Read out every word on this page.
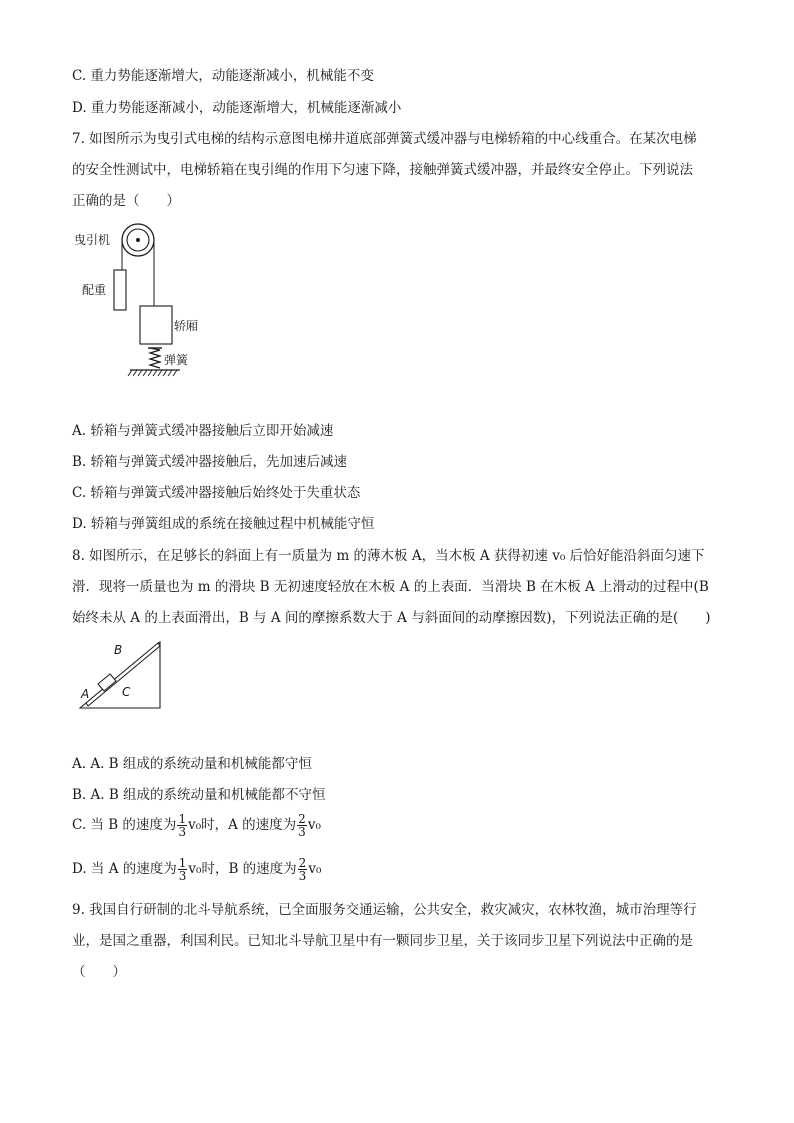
C. 重力势能逐渐增大，动能逐渐减小，机械能不变
D. 重力势能逐渐减小，动能逐渐增大，机械能逐渐减小
7. 如图所示为曳引式电梯的结构示意图电梯井道底部弹簧式缓冲器与电梯轿箱的中心线重合。在某次电梯
的安全性测试中，电梯轿箱在曳引绳的作用下匀速下降，接触弹簧式缓冲器，并最终安全停止。下列说法
正确的是（　　）
曳引机
配重
轿厢
弹簧
A. 轿箱与弹簧式缓冲器接触后立即开始减速
B. 轿箱与弹簧式缓冲器接触后，先加速后减速
C. 轿箱与弹簧式缓冲器接触后始终处于失重状态
D. 轿箱与弹簧组成的系统在接触过程中机械能守恒
8. 如图所示，在足够长的斜面上有一质量为 m 的薄木板 A，当木板 A 获得初速 v₀ 后恰好能沿斜面匀速下
滑．现将一质量也为 m 的滑块 B 无初速度轻放在木板 A 的上表面．当滑块 B 在木板 A 上滑动的过程中(B
始终未从 A 的上表面滑出，B 与 A 间的摩擦系数大于 A 与斜面间的动摩擦因数)，下列说法正确的是(　　)
A
B
C
A. A. B 组成的系统动量和机械能都守恒
B. A. B 组成的系统动量和机械能都不守恒
C. 当 B 的速度为 $\frac{1}{3} v_0$时，A 的速度为 $\frac{2}{3} v_0$
D. 当 A 的速度为 $\frac{1}{3} v_0$时，B 的速度为 $\frac{2}{3} v_0$
9. 我国自行研制的北斗导航系统，已全面服务交通运输，公共安全，救灾减灾，农林牧渔，城市治理等行
业，是国之重器，利国利民。已知北斗导航卫星中有一颗同步卫星，关于该同步卫星下列说法中正确的是
（　　）
